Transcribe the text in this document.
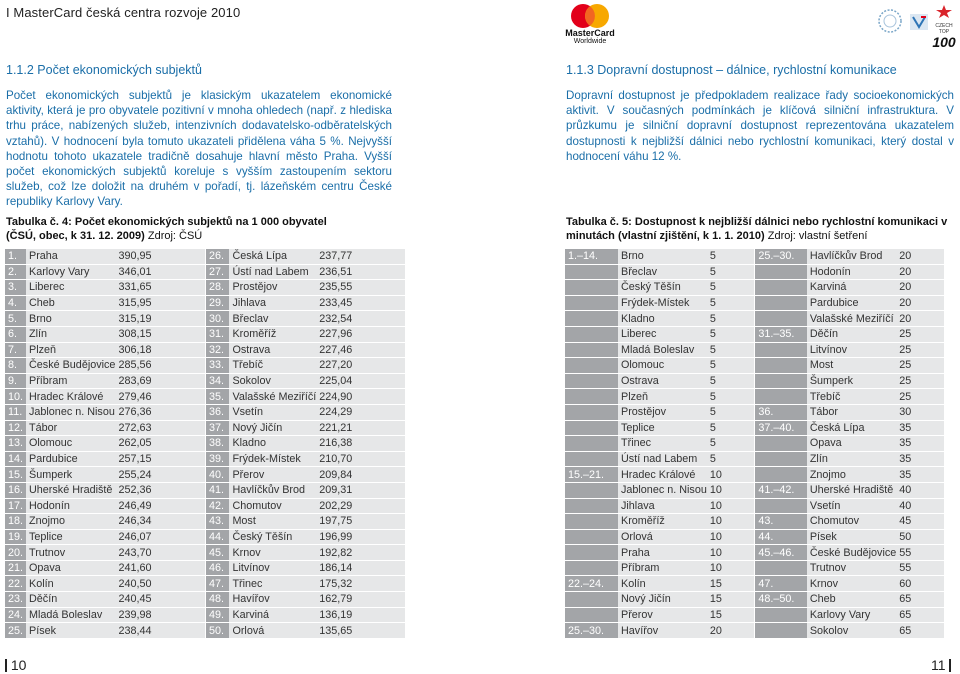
I MasterCard česká centra rozvoje 2010
MasterCard
Worldwide
CZECH TOP
100
1.1.2 Počet ekonomických subjektů
Počet ekonomických subjektů je klasickým ukazatelem ekonomické aktivity, která je pro obyvatele pozitivní v mnoha ohledech (např. z hlediska trhu práce, nabízených služeb, intenzivních dodavatelsko-odběratelských vztahů). V hodnocení byla tomuto ukazateli přidělena váha 5 %. Nejvyšší hodnotu tohoto ukazatele tradičně dosahuje hlavní město Praha. Vyšší počet ekonomických subjektů koreluje s vyšším zastoupením sektoru služeb, což lze doložit na druhém v pořadí, tj. lázeňském centru České republiky Karlovy Vary.
Tabulka č. 4: Počet ekonomických subjektů na 1 000 obyvatel (ČSÚ, obec, k 31. 12. 2009) Zdroj: ČSÚ
1.	Praha	390,95	26.	Česká Lípa	237,77
2.	Karlovy Vary	346,01	27.	Ústí nad Labem	236,51
3.	Liberec	331,65	28.	Prostějov	235,55
4.	Cheb	315,95	29.	Jihlava	233,45
5.	Brno	315,19	30.	Břeclav	232,54
6.	Zlín	308,15	31.	Kroměříž	227,96
7.	Plzeň	306,18	32.	Ostrava	227,46
8.	České Budějovice	285,56	33.	Třebíč	227,20
9.	Příbram	283,69	34.	Sokolov	225,04
10.	Hradec Králové	279,46	35.	Valašské Meziříčí	224,90
11.	Jablonec n. Nisou	276,36	36.	Vsetín	224,29
12.	Tábor	272,63	37.	Nový Jičín	221,21
13.	Olomouc	262,05	38.	Kladno	216,38
14.	Pardubice	257,15	39.	Frýdek-Místek	210,70
15.	Šumperk	255,24	40.	Přerov	209,84
16.	Uherské Hradiště	252,36	41.	Havlíčkův Brod	209,31
17.	Hodonín	246,49	42.	Chomutov	202,29
18.	Znojmo	246,34	43.	Most	197,75
19.	Teplice	246,07	44.	Český Těšín	196,99
20.	Trutnov	243,70	45.	Krnov	192,82
21.	Opava	241,60	46.	Litvínov	186,14
22.	Kolín	240,50	47.	Třinec	175,32
23.	Děčín	240,45	48.	Havířov	162,79
24.	Mladá Boleslav	239,98	49.	Karviná	136,19
25.	Písek	238,44	50.	Orlová	135,65
1.1.3 Dopravní dostupnost – dálnice, rychlostní komunikace
Dopravní dostupnost je předpokladem realizace řady socioekonomických aktivit. V současných podmínkách je klíčová silniční infrastruktura. V průzkumu je silniční dopravní dostupnost reprezentována ukazatelem dostupnosti k nejbližší dálnici nebo rychlostní komunikaci, který dostal v hodnocení váhu 12 %.
Tabulka č. 5: Dostupnost k nejbližší dálnici nebo rychlostní komunikaci v minutách (vlastní zjištění, k 1. 1. 2010) Zdroj: vlastní šetření
1.–14.	Brno	5	25.–30.	Havlíčkův Brod	20
	Břeclav	5		Hodonín	20
	Český Těšín	5		Karviná	20
	Frýdek-Místek	5		Pardubice	20
	Kladno	5		Valašské Meziříčí	20
	Liberec	5	31.–35.	Děčín	25
	Mladá Boleslav	5		Litvínov	25
	Olomouc	5		Most	25
	Ostrava	5		Šumperk	25
	Plzeň	5		Třebíč	25
	Prostějov	5	36.	Tábor	30
	Teplice	5	37.–40.	Česká Lípa	35
	Třinec	5		Opava	35
	Ústí nad Labem	5		Zlín	35
15.–21.	Hradec Králové	10		Znojmo	35
	Jablonec n. Nisou	10	41.–42.	Uherské Hradiště	40
	Jihlava	10		Vsetín	40
	Kroměříž	10	43.	Chomutov	45
	Orlová	10	44.	Písek	50
	Praha	10	45.–46.	České Budějovice	55
	Příbram	10		Trutnov	55
22.–24.	Kolín	15	47.	Krnov	60
	Nový Jičín	15	48.–50.	Cheb	65
	Přerov	15		Karlovy Vary	65
25.–30.	Havířov	20		Sokolov	65
10	11
